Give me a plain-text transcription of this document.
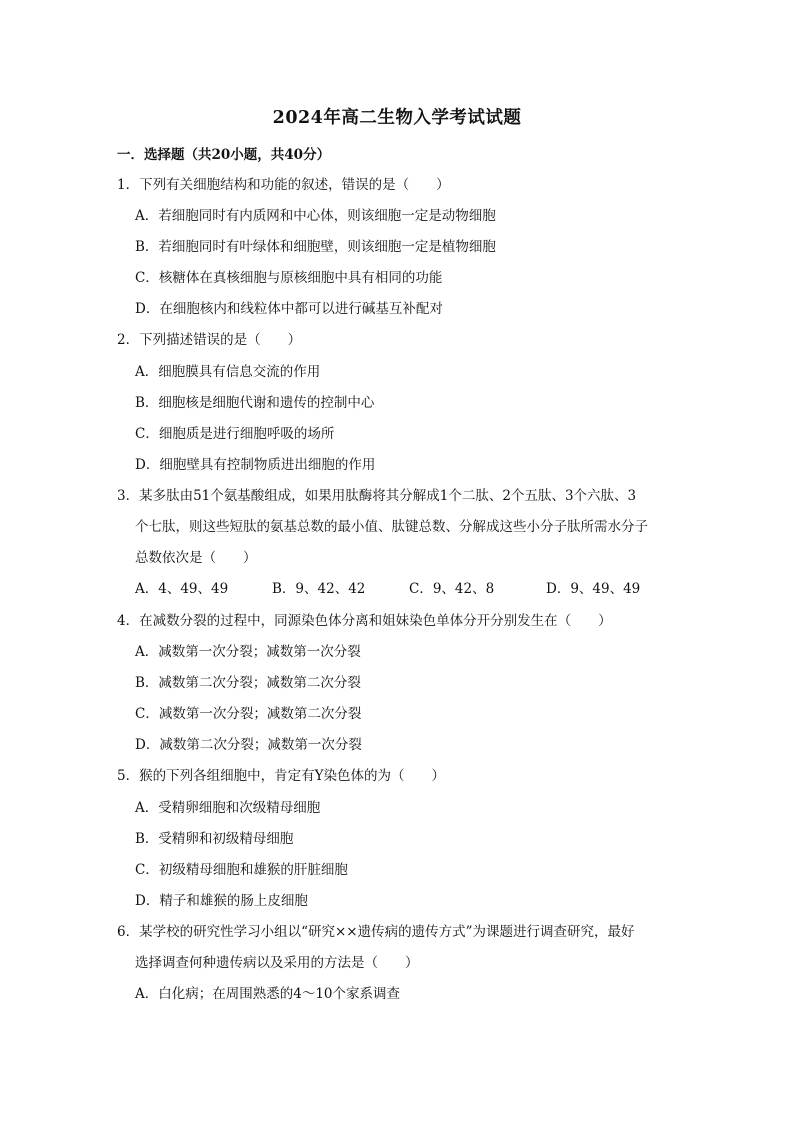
2024年高二生物入学考试试题
一．选择题（共20小题，共40分）
1．下列有关细胞结构和功能的叙述，错误的是（　　）
A．若细胞同时有内质网和中心体，则该细胞一定是动物细胞
B．若细胞同时有叶绿体和细胞壁，则该细胞一定是植物细胞
C．核糖体在真核细胞与原核细胞中具有相同的功能
D．在细胞核内和线粒体中都可以进行碱基互补配对
2．下列描述错误的是（　　）
A．细胞膜具有信息交流的作用
B．细胞核是细胞代谢和遗传的控制中心
C．细胞质是进行细胞呼吸的场所
D．细胞壁具有控制物质进出细胞的作用
3．某多肽由51个氨基酸组成，如果用肽酶将其分解成1个二肽、2个五肽、3个六肽、3
个七肽，则这些短肽的氨基总数的最小值、肽键总数、分解成这些小分子肽所需水分子
总数依次是（　　）
A．4、49、49	B．9、42、42	C．9、42、8	D．9、49、49
4．在减数分裂的过程中，同源染色体分离和姐妹染色单体分开分别发生在（　　）
A．减数第一次分裂；减数第一次分裂
B．减数第二次分裂；减数第二次分裂
C．减数第一次分裂；减数第二次分裂
D．减数第二次分裂；减数第一次分裂
5．猴的下列各组细胞中，肯定有Y染色体的为（　　）
A．受精卵细胞和次级精母细胞
B．受精卵和初级精母细胞
C．初级精母细胞和雄猴的肝脏细胞
D．精子和雄猴的肠上皮细胞
6．某学校的研究性学习小组以“研究××遗传病的遗传方式”为课题进行调查研究，最好
选择调查何种遗传病以及采用的方法是（　　）
A．白化病；在周围熟悉的4～10个家系调查
